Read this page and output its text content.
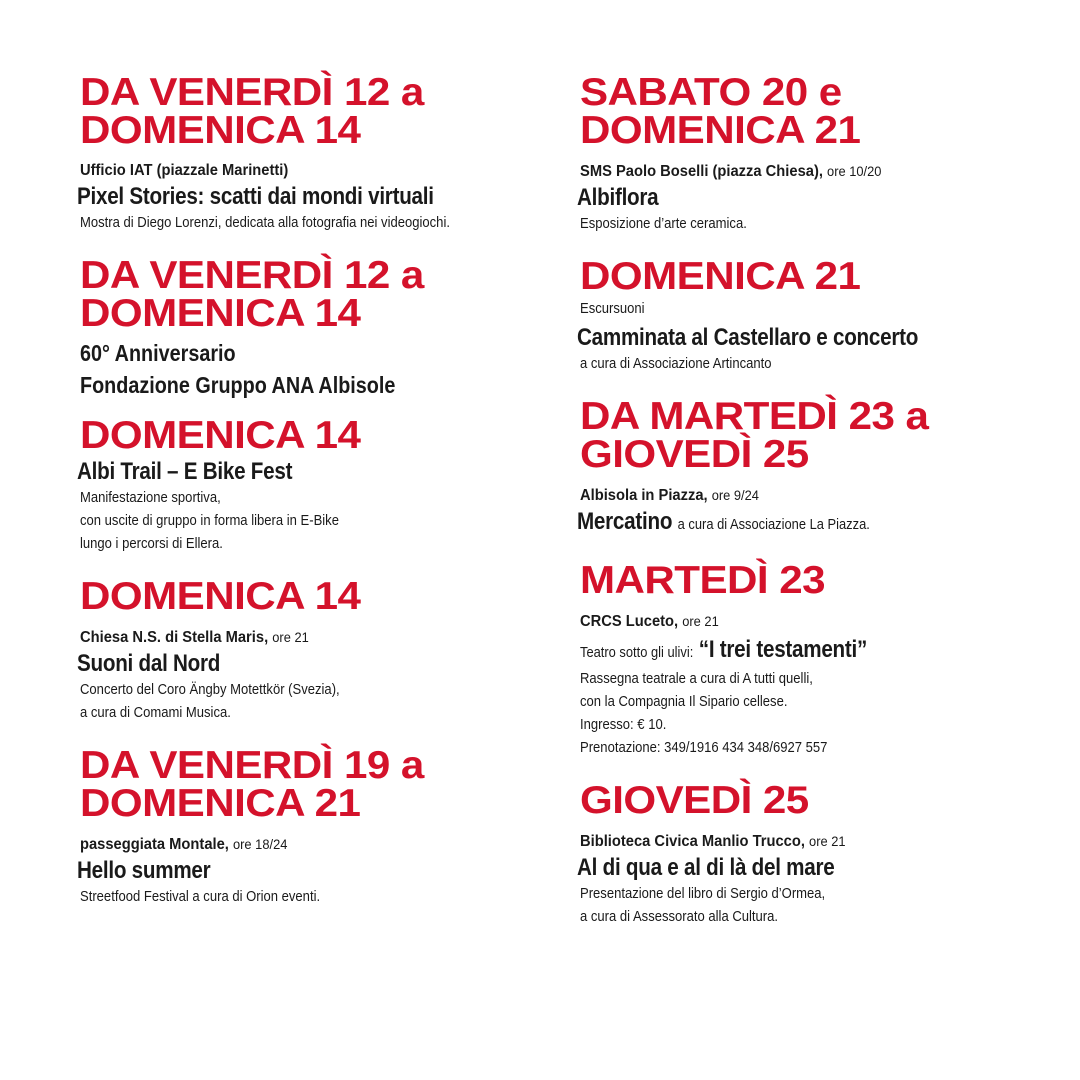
DA VENERDÌ 12 a
DOMENICA 14
Ufficio IAT (piazzale Marinetti)
Pixel Stories: scatti dai mondi virtuali
Mostra di Diego Lorenzi, dedicata alla fotografia nei videogiochi.
DA VENERDÌ 12 a
DOMENICA 14
60° Anniversario
Fondazione Gruppo ANA Albisole
DOMENICA 14
Albi Trail – E Bike Fest
Manifestazione sportiva,
con uscite di gruppo in forma libera in E-Bike
lungo i percorsi di Ellera.
DOMENICA 14
Chiesa N.S. di Stella Maris, ore 21
Suoni dal Nord
Concerto del Coro Ängby Motettkör (Svezia),
a cura di Comami Musica.
DA VENERDÌ 19 a
DOMENICA 21
passeggiata Montale, ore 18/24
Hello summer
Streetfood Festival a cura di Orion eventi.
SABATO 20 e
DOMENICA 21
SMS Paolo Boselli (piazza Chiesa), ore 10/20
Albiflora
Esposizione d’arte ceramica.
DOMENICA 21
Escursuoni
Camminata al Castellaro e concerto
a cura di Associazione Artincanto
DA MARTEDÌ 23 a
GIOVEDÌ 25
Albisola in Piazza, ore 9/24
Mercatino a cura di Associazione La Piazza.
MARTEDÌ 23
CRCS Luceto, ore 21
Teatro sotto gli ulivi: “I trei testamenti”
Rassegna teatrale a cura di A tutti quelli,
con la Compagnia Il Sipario cellese.
Ingresso: € 10.
Prenotazione: 349/1916 434 348/6927 557
GIOVEDÌ 25
Biblioteca Civica Manlio Trucco, ore 21
Al di qua e al di là del mare
Presentazione del libro di Sergio d’Ormea,
a cura di Assessorato alla Cultura.
